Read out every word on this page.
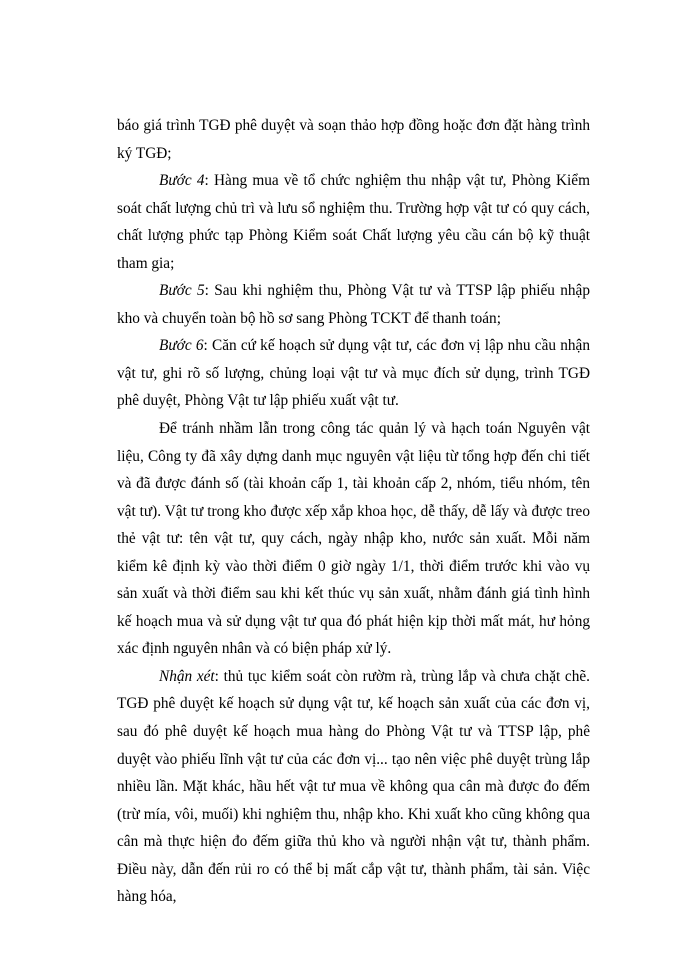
báo giá trình TGĐ phê duyệt và soạn thảo hợp đồng hoặc đơn đặt hàng trình ký TGĐ;

Bước 4: Hàng mua về tổ chức nghiệm thu nhập vật tư, Phòng Kiểm soát chất lượng chủ trì và lưu sổ nghiệm thu. Trường hợp vật tư có quy cách, chất lượng phức tạp Phòng Kiểm soát Chất lượng yêu cầu cán bộ kỹ thuật tham gia;

Bước 5: Sau khi nghiệm thu, Phòng Vật tư và TTSP lập phiếu nhập kho và chuyển toàn bộ hồ sơ sang Phòng TCKT để thanh toán;

Bước 6: Căn cứ kế hoạch sử dụng vật tư, các đơn vị lập nhu cầu nhận vật tư, ghi rõ số lượng, chủng loại vật tư và mục đích sử dụng, trình TGĐ phê duyệt, Phòng Vật tư lập phiếu xuất vật tư.

Để tránh nhầm lẫn trong công tác quản lý và hạch toán Nguyên vật liệu, Công ty đã xây dựng danh mục nguyên vật liệu từ tổng hợp đến chi tiết và đã được đánh số (tài khoản cấp 1, tài khoản cấp 2, nhóm, tiểu nhóm, tên vật tư). Vật tư trong kho được xếp xắp khoa học, dễ thấy, dễ lấy và được treo thẻ vật tư: tên vật tư, quy cách, ngày nhập kho, nước sản xuất. Mỗi năm kiểm kê định kỳ vào thời điểm 0 giờ ngày 1/1, thời điểm trước khi vào vụ sản xuất và thời điểm sau khi kết thúc vụ sản xuất, nhằm đánh giá tình hình kế hoạch mua và sử dụng vật tư qua đó phát hiện kịp thời mất mát, hư hỏng xác định nguyên nhân và có biện pháp xử lý.

Nhận xét: thủ tục kiểm soát còn rườm rà, trùng lắp và chưa chặt chẽ. TGĐ phê duyệt kế hoạch sử dụng vật tư, kế hoạch sản xuất của các đơn vị, sau đó phê duyệt kế hoạch mua hàng do Phòng Vật tư và TTSP lập, phê duyệt vào phiếu lĩnh vật tư của các đơn vị... tạo nên việc phê duyệt trùng lắp nhiều lần. Mặt khác, hầu hết vật tư mua về không qua cân mà được đo đếm (trừ mía, vôi, muối) khi nghiệm thu, nhập kho. Khi xuất kho cũng không qua cân mà thực hiện đo đếm giữa thủ kho và người nhận vật tư, thành phẩm. Điều này, dẫn đến rủi ro có thể bị mất cắp vật tư, thành phẩm, tài sản. Việc hàng hóa,
